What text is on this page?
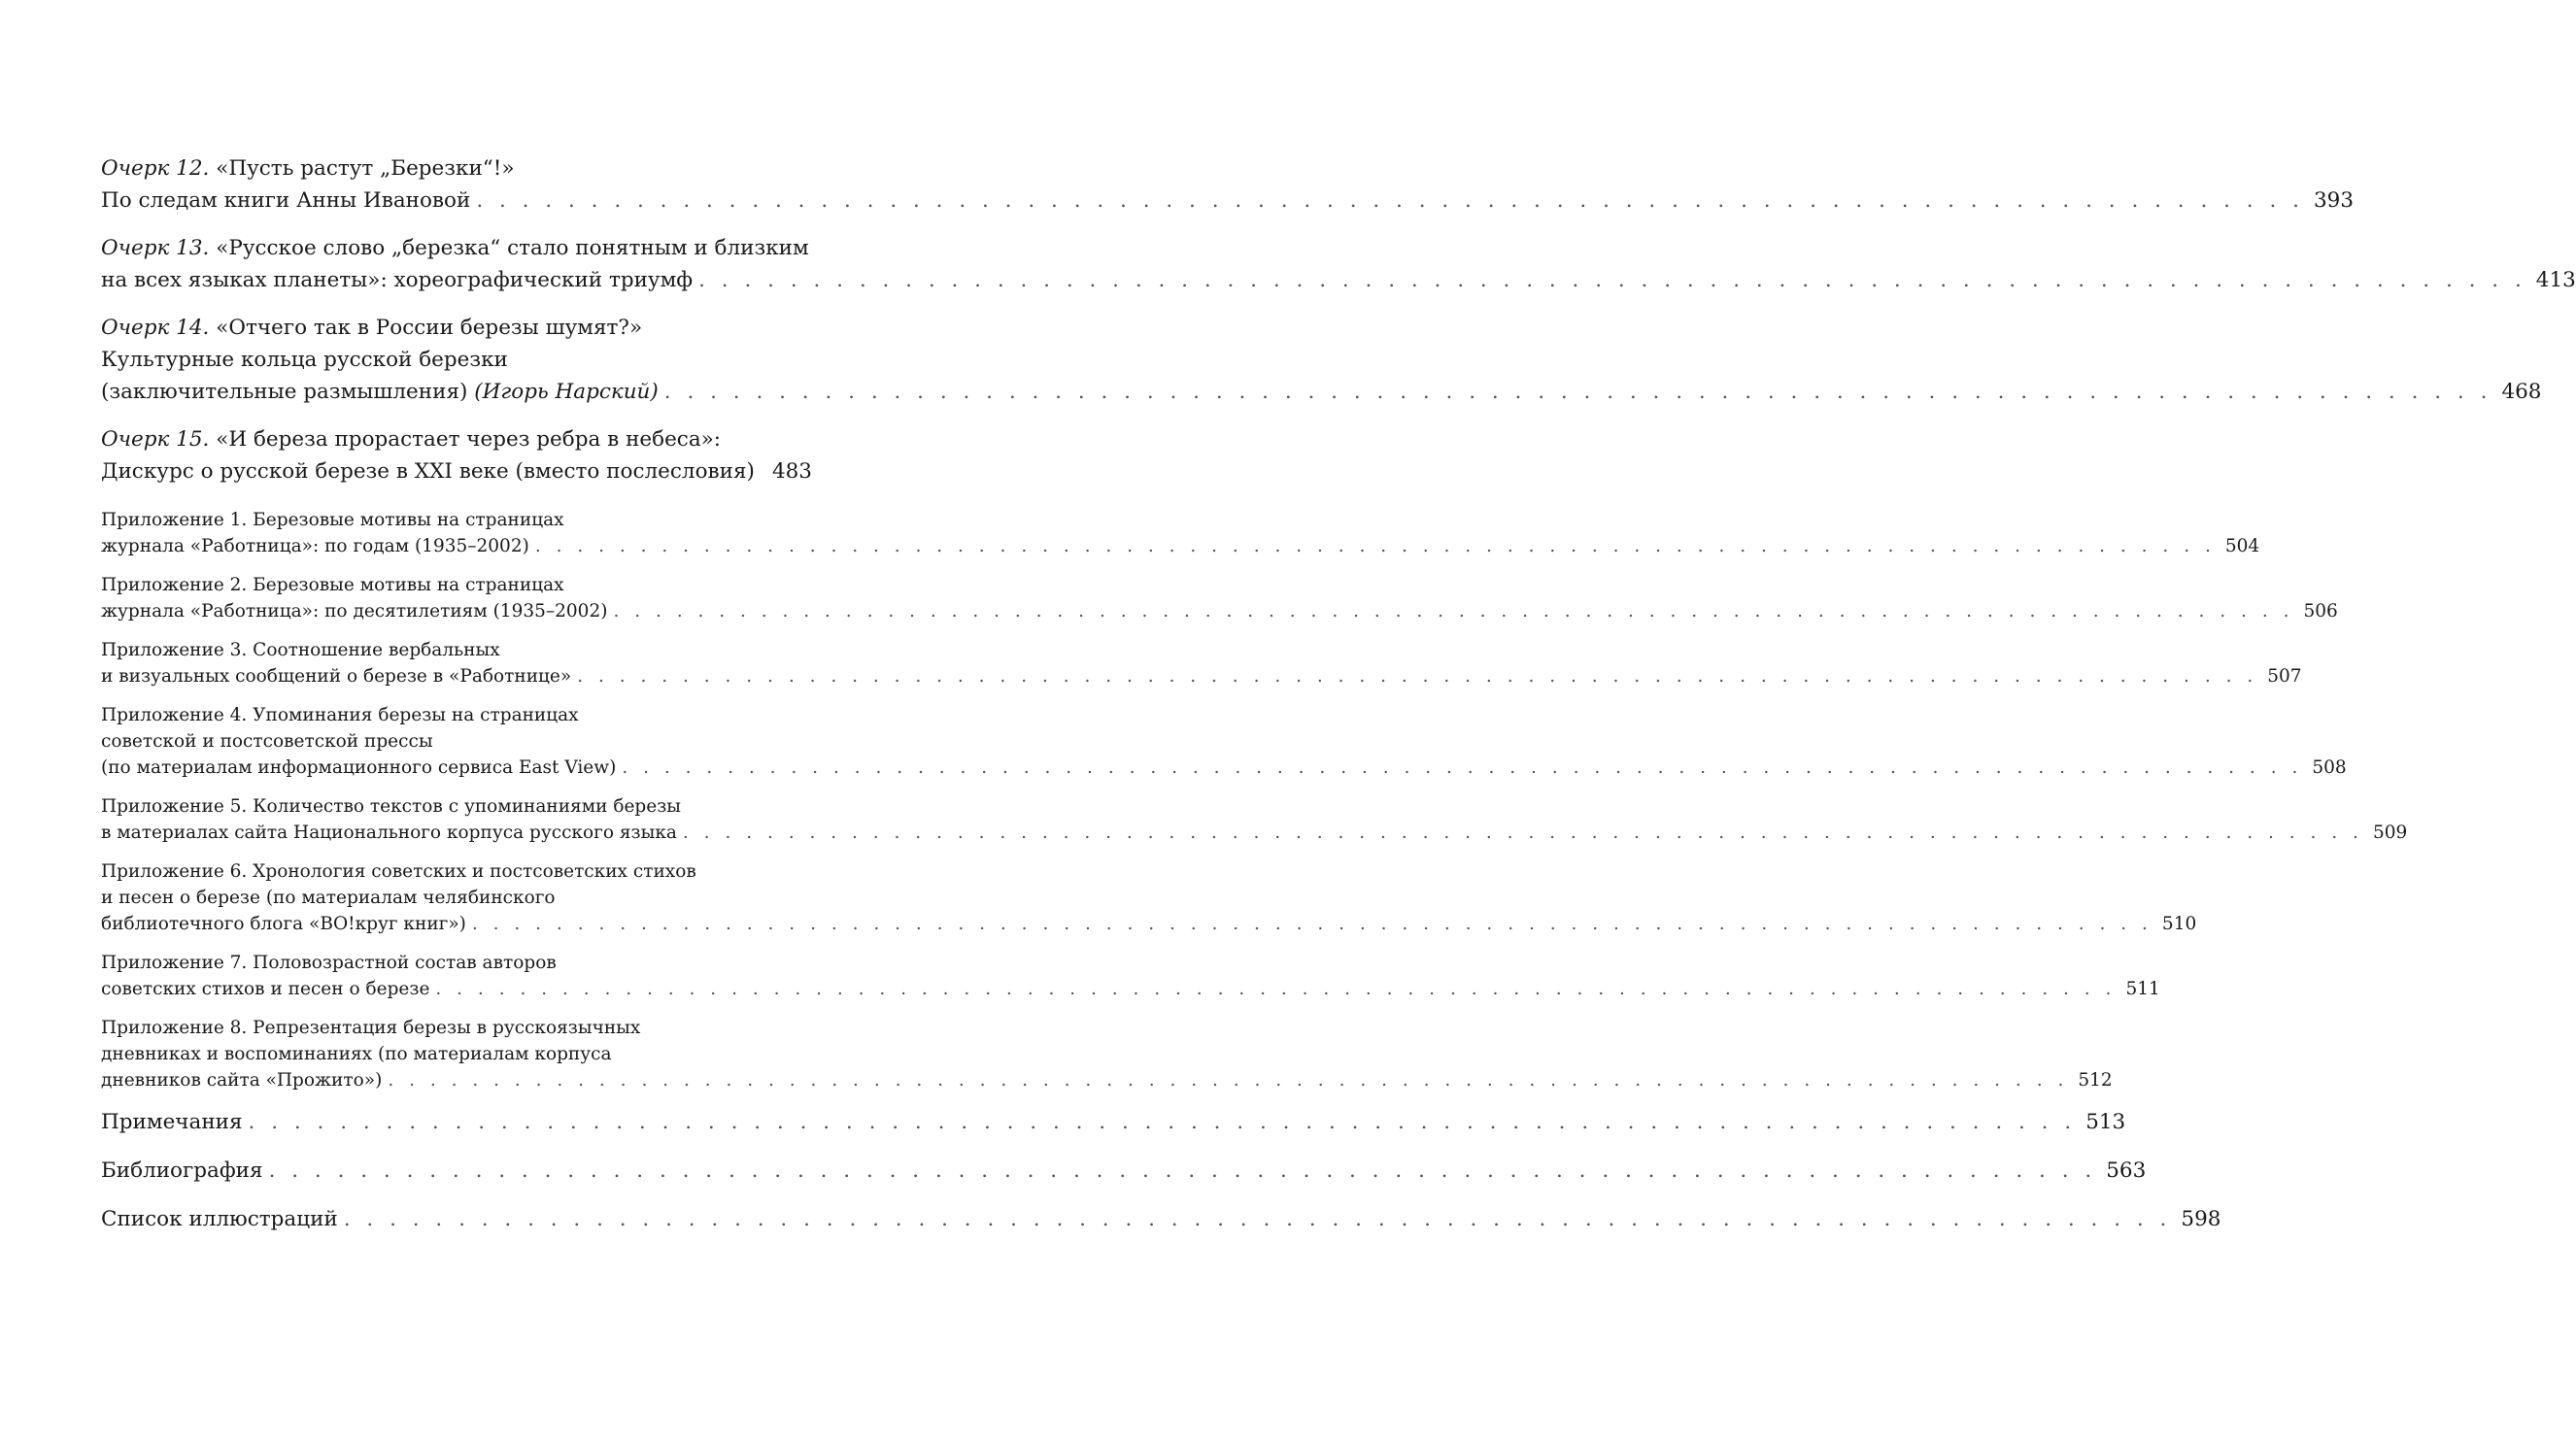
Очерк 12. «Пусть растут „Березки“!»
По следам книги Анны Ивановой . . . . . . . . . . . . . . . . . . . . . . . . . . . . . . . . . . . . . . . . . . . . . . . . . . . . . . . . . . . . . . . . . . . . . . . . . . . . . . . . 393
Очерк 13. «Русское слово „березка“ стало понятным и близким
на всех языках планеты»: хореографический триумф . . . . . . . . . . . . . . . . . . . . . . . . . . . . . . . . . . . . . . . . . . . . . . . . . . . . . . . . . . . . . . . . . . . . . . . . . . . . . . . . 413
Очерк 14. «Отчего так в России березы шумят?»
Культурные кольца русской березки
(заключительные размышления) (Игорь Нарский) . . . . . . . . . . . . . . . . . . . . . . . . . . . . . . . . . . . . . . . . . . . . . . . . . . . . . . . . . . . . . . . . . . . . . . . . . . . . . . . . 468
Очерк 15. «И береза прорастает через ребра в небеса»:
Дискурс о русской березе в XXI веке (вместо послесловия) 483
Приложение 1. Березовые мотивы на страницах
журнала «Работница»: по годам (1935–2002) . . . . . . . . . . . . . . . . . . . . . . . . . . . . . . . . . . . . . . . . . . . . . . . . . . . . . . . . . . . . . . . . . . . . . . . . . . . . . . . . 504
Приложение 2. Березовые мотивы на страницах
журнала «Работница»: по десятилетиям (1935–2002) . . . . . . . . . . . . . . . . . . . . . . . . . . . . . . . . . . . . . . . . . . . . . . . . . . . . . . . . . . . . . . . . . . . . . . . . . . . . . . . . 506
Приложение 3. Соотношение вербальных
и визуальных сообщений о березе в «Работнице» . . . . . . . . . . . . . . . . . . . . . . . . . . . . . . . . . . . . . . . . . . . . . . . . . . . . . . . . . . . . . . . . . . . . . . . . . . . . . . . . 507
Приложение 4. Упоминания березы на страницах
советской и постсоветской прессы
(по материалам информационного сервиса East View) . . . . . . . . . . . . . . . . . . . . . . . . . . . . . . . . . . . . . . . . . . . . . . . . . . . . . . . . . . . . . . . . . . . . . . . . . . . . . . . . 508
Приложение 5. Количество текстов с упоминаниями березы
в материалах сайта Национального корпуса русского языка . . . . . . . . . . . . . . . . . . . . . . . . . . . . . . . . . . . . . . . . . . . . . . . . . . . . . . . . . . . . . . . . . . . . . . . . . . . . . . . . 509
Приложение 6. Хронология советских и постсоветских стихов
и песен о березе (по материалам челябинского
библиотечного блога «ВО!круг книг») . . . . . . . . . . . . . . . . . . . . . . . . . . . . . . . . . . . . . . . . . . . . . . . . . . . . . . . . . . . . . . . . . . . . . . . . . . . . . . . . 510
Приложение 7. Половозрастной состав авторов
советских стихов и песен о березе . . . . . . . . . . . . . . . . . . . . . . . . . . . . . . . . . . . . . . . . . . . . . . . . . . . . . . . . . . . . . . . . . . . . . . . . . . . . . . . . 511
Приложение 8. Репрезентация березы в русскоязычных
дневниках и воспоминаниях (по материалам корпуса
дневников сайта «Прожито») . . . . . . . . . . . . . . . . . . . . . . . . . . . . . . . . . . . . . . . . . . . . . . . . . . . . . . . . . . . . . . . . . . . . . . . . . . . . . . . . 512
Примечания . . . . . . . . . . . . . . . . . . . . . . . . . . . . . . . . . . . . . . . . . . . . . . . . . . . . . . . . . . . . . . . . . . . . . . . . . . . . . . . . 513
Библиография . . . . . . . . . . . . . . . . . . . . . . . . . . . . . . . . . . . . . . . . . . . . . . . . . . . . . . . . . . . . . . . . . . . . . . . . . . . . . . . . 563
Список иллюстраций . . . . . . . . . . . . . . . . . . . . . . . . . . . . . . . . . . . . . . . . . . . . . . . . . . . . . . . . . . . . . . . . . . . . . . . . . . . . . . . . 598
